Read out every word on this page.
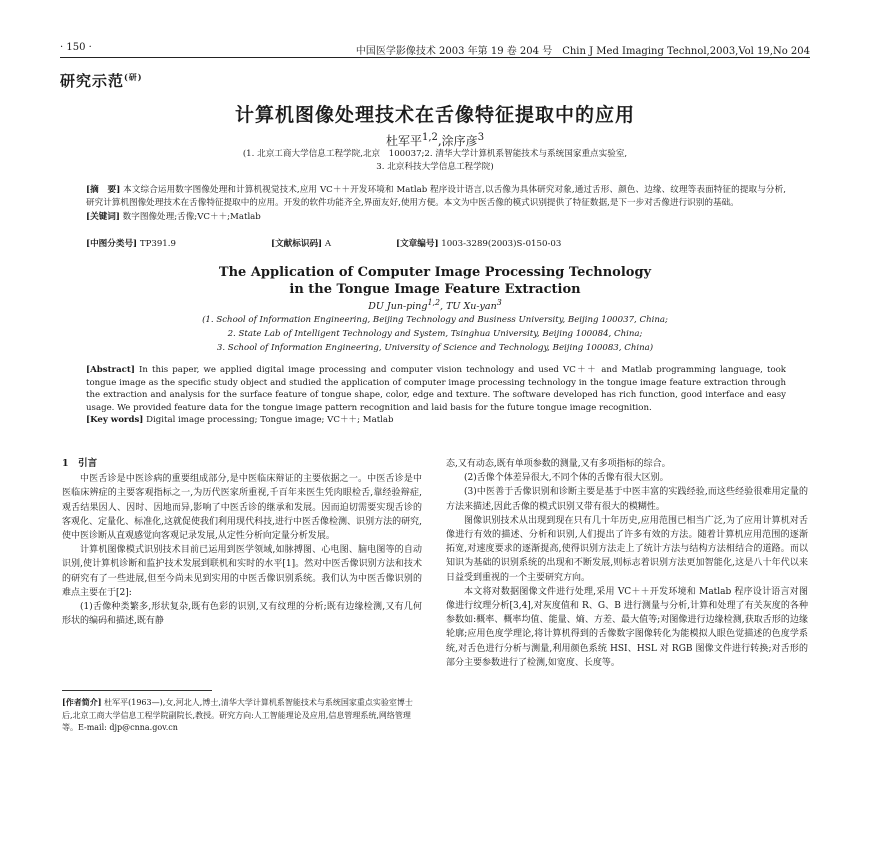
· 150 ·	中国医学影像技术 2003 年第 19 卷 204 号　Chin J Med Imaging Technol,2003,Vol 19,No 204
研究示范$^{(研)}$
计算机图像处理技术在舌像特征提取中的应用
杜军平$^{1,2}$,涂序彦$^3$
(1. 北京工商大学信息工程学院,北京　100037;2. 清华大学计算机系智能技术与系统国家重点实验室,
3. 北京科技大学信息工程学院)
[摘　要] 本文综合运用数字图像处理和计算机视觉技术,应用 VC＋＋开发环境和 Matlab 程序设计语言,以舌像为具体研究对象,通过舌形、颜色、边缘、纹理等表面特征的提取与分析,研究计算机图像处理技术在舌像特征提取中的应用。开发的软件功能齐全,界面友好,使用方便。本文为中医舌像的模式识别提供了特征数据,是下一步对舌像进行识别的基础。
[关键词] 数字图像处理;舌像;VC＋＋;Matlab
[中图分类号] TP391.9	[文献标识码] A	[文章编号] 1003-3289(2003)S-0150-03
The Application of Computer Image Processing Technology
in the Tongue Image Feature Extraction
DU Jun-ping$^{1,2}$, TU Xu-yan$^3$
(1. School of Information Engineering, Beijing Technology and Business University, Beijing 100037, China;
2. State Lab of Intelligent Technology and System, Tsinghua University, Beijing 100084, China;
3. School of Information Engineering, University of Science and Technology, Beijing 100083, China)
[Abstract] In this paper, we applied digital image processing and computer vision technology and used VC＋＋ and Matlab programming language, took tongue image as the specific study object and studied the application of computer image processing technology in the tongue image feature extraction through the extraction and analysis for the surface feature of tongue shape, color, edge and texture. The software developed has rich function, good interface and easy usage. We provided feature data for the tongue image pattern recognition and laid basis for the future tongue image recognition.
[Key words] Digital image processing; Tongue image; VC＋＋; Matlab
1　引言

中医舌诊是中医诊病的重要组成部分,是中医临床辩证的主要依据之一。中医舌诊是中医临床辨症的主要客观指标之一,为历代医家所重视,千百年来医生凭肉眼检舌,靠经验辩症,观舌结果因人、因时、因地而异,影响了中医舌诊的继承和发展。因而迫切需要实现舌诊的客观化、定量化、标准化,这就促使我们利用现代科技,进行中医舌像检测、识别方法的研究,使中医诊断从直观感觉向客观记录发展,从定性分析向定量分析发展。

计算机图像模式识别技术目前已运用到医学领域,如脉搏图、心电图、脑电图等的自动识别,使计算机诊断和监护技术发展到联机和实时的水平[1]。然对中医舌像识别方法和技术的研究有了一些进展,但至今尚未见到实用的中医舌像识别系统。我们认为中医舌像识别的难点主要在于[2]:

(1)舌像种类繁多,形状复杂,既有色彩的识别,又有纹理的分析;既有边缘检测,又有几何形状的编码和描述,既有静

态,又有动态,既有单项参数的测量,又有多项指标的综合。

(2)舌像个体差异很大,不同个体的舌像有很大区别。

(3)中医善于舌像识别和诊断主要是基于中医丰富的实践经验,而这些经验很难用定量的方法来描述,因此舌像的模式识别又带有很大的模糊性。

图像识别技术从出现到现在只有几十年历史,应用范围已相当广泛,为了应用计算机对舌像进行有效的描述、分析和识别,人们提出了许多有效的方法。随着计算机应用范围的逐渐拓宽,对速度要求的逐渐提高,使得识别方法走上了统计方法与结构方法相结合的道路。而以知识为基础的识别系统的出现和不断发展,则标志着识别方法更加智能化,这是八十年代以来日益受到重视的一个主要研究方向。

本文将对数据图像文件进行处理,采用 VC＋＋开发环境和 Matlab 程序设计语言对图像进行纹理分析[3,4],对灰度值和 R、G、B 进行测量与分析,计算和处理了有关灰度的各种参数如:概率、概率均值、能量、熵、方差、最大值等;对图像进行边缘检测,获取舌形的边缘轮廓;应用色度学理论,将计算机得到的舌像数字图像转化为能模拟人眼色觉描述的色度学系统,对舌色进行分析与测量,利用颜色系统 HSI、HSL 对 RGB 图像文件进行转换;对舌形的部分主要参数进行了检测,如宽度、长度等。

[作者简介] 杜军平(1963—),女,河北人,博士,清华大学计算机系智能技术与系统国家重点实验室博士后,北京工商大学信息工程学院副院长,教授。研究方向:人工智能理论及应用,信息管理系统,网络管理等。E-mail: djp@cnna.gov.cn
